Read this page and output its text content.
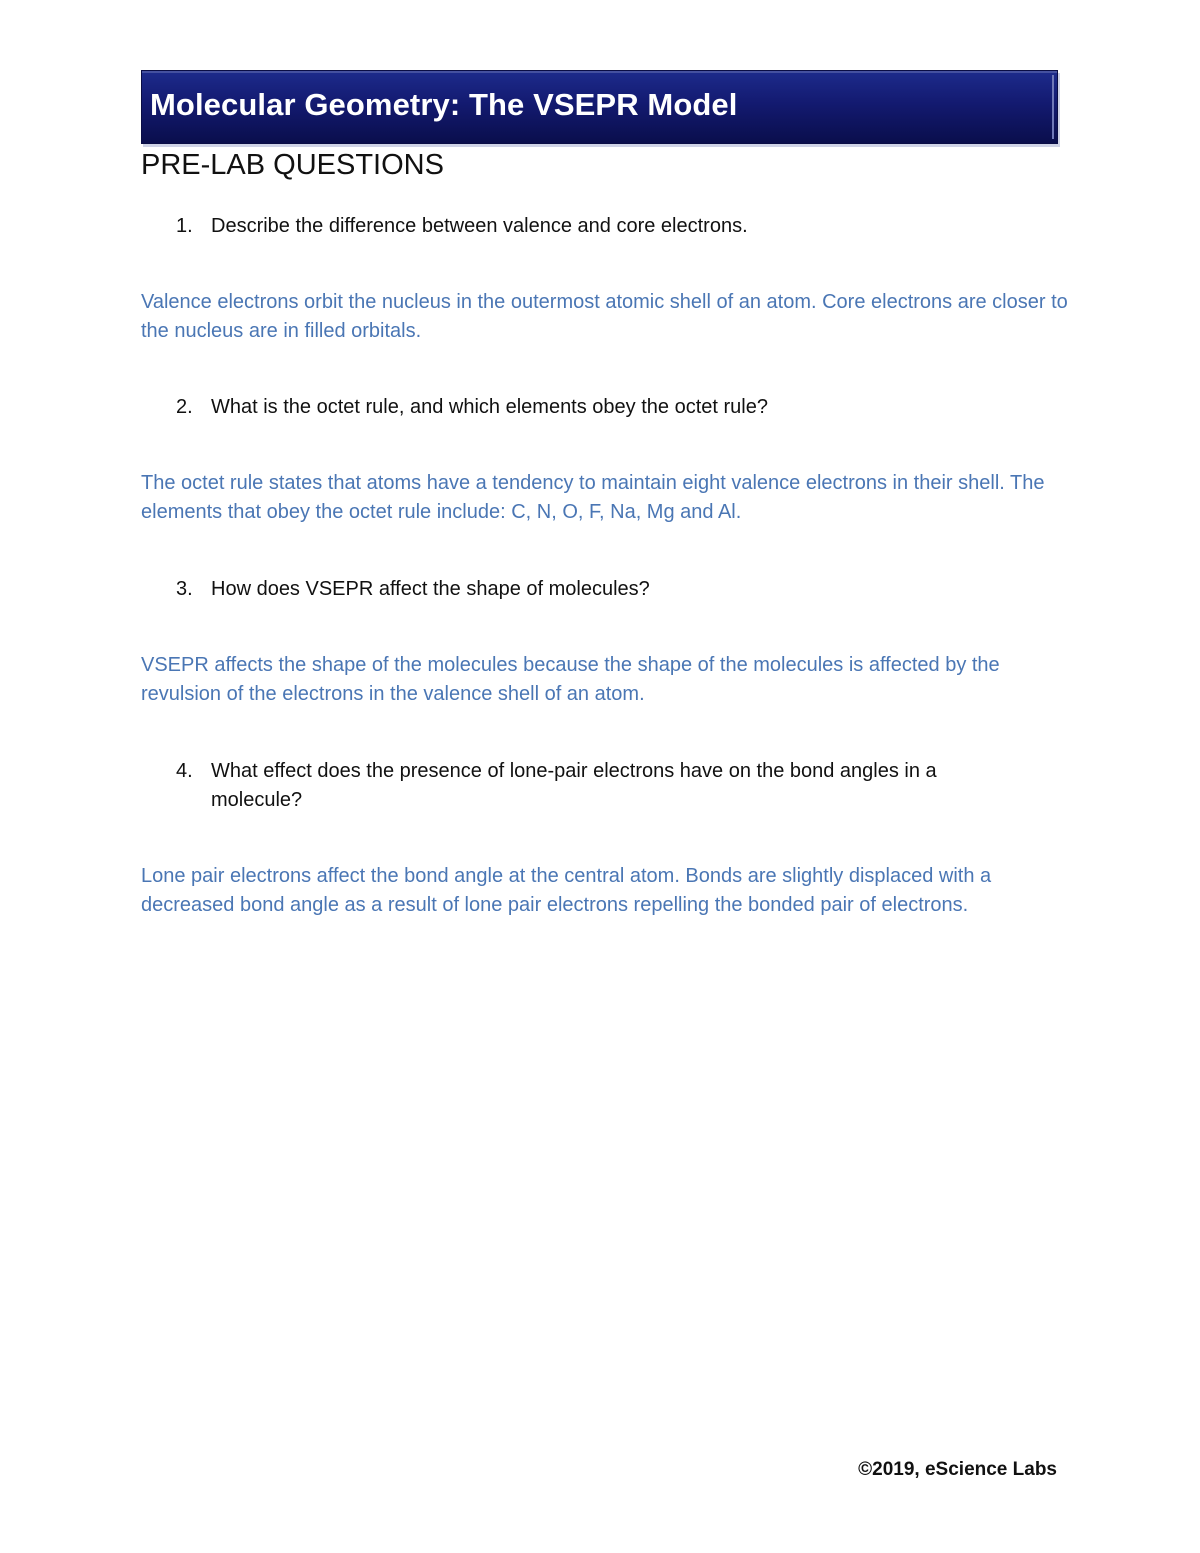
Molecular Geometry: The VSEPR Model
PRE-LAB QUESTIONS
1. Describe the difference between valence and core electrons.
Valence electrons orbit the nucleus in the outermost atomic shell of an atom. Core electrons are closer to the nucleus are in filled orbitals.
2. What is the octet rule, and which elements obey the octet rule?
The octet rule states that atoms have a tendency to maintain eight valence electrons in their shell. The elements that obey the octet rule include: C, N, O, F, Na, Mg and Al.
3. How does VSEPR affect the shape of molecules?
VSEPR affects the shape of the molecules because the shape of the molecules is affected by the revulsion of the electrons in the valence shell of an atom.
4. What effect does the presence of lone-pair electrons have on the bond angles in a molecule?
Lone pair electrons affect the bond angle at the central atom. Bonds are slightly displaced with a decreased bond angle as a result of lone pair electrons repelling the bonded pair of electrons.
©2019, eScience Labs
